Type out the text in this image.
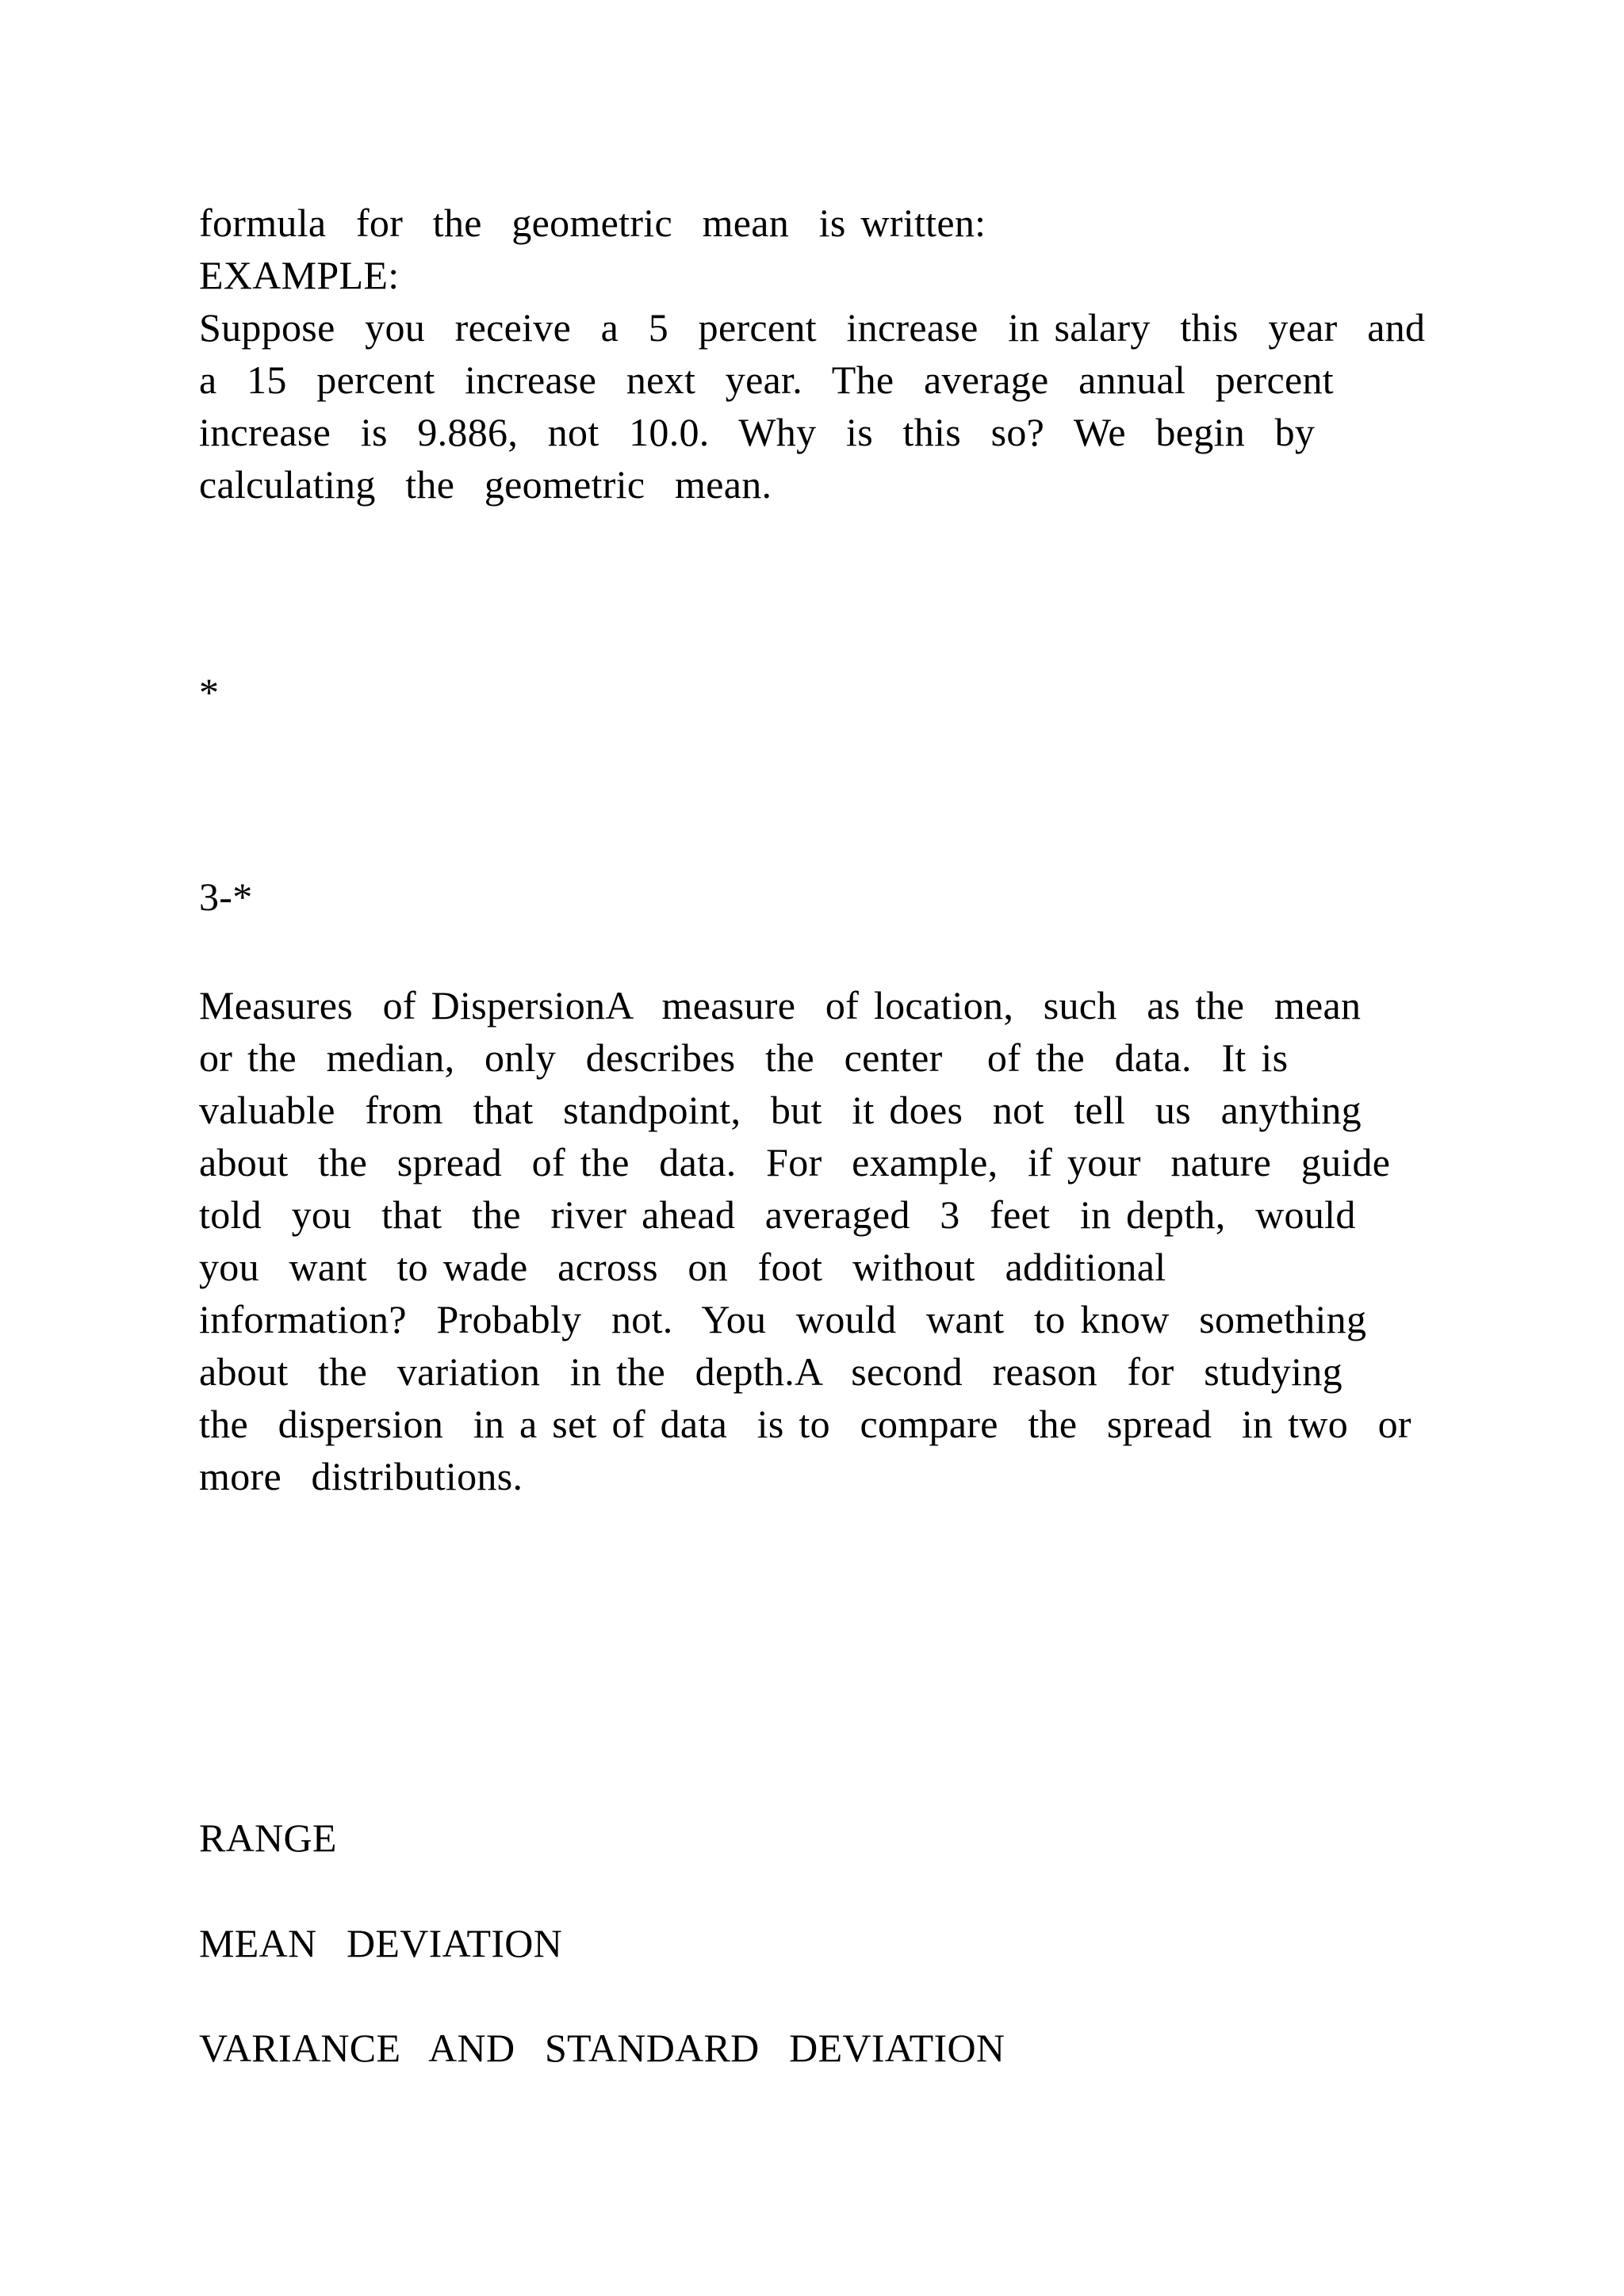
formula  for  the  geometric  mean  is written:
EXAMPLE:
Suppose  you  receive  a  5  percent  increase  in salary  this  year  and
a  15  percent  increase  next  year.  The  average  annual  percent
increase  is  9.886,  not  10.0.  Why  is  this  so?  We  begin  by
calculating  the  geometric  mean.
*
3-*
Measures  of DispersionA  measure  of location,  such  as the  mean
or the  median,  only  describes  the  center   of the  data.  It is
valuable  from  that  standpoint,  but  it does  not  tell  us  anything
about  the  spread  of the  data.  For  example,  if your  nature  guide
told  you  that  the  river ahead  averaged  3  feet  in depth,  would
you  want  to wade  across  on  foot  without  additional
information?  Probably  not.  You  would  want  to know  something
about  the  variation  in the  depth.A  second  reason  for  studying
the  dispersion  in a set of data  is to  compare  the  spread  in two  or
more  distributions.
RANGE
MEAN  DEVIATION
VARIANCE  AND  STANDARD  DEVIATION
